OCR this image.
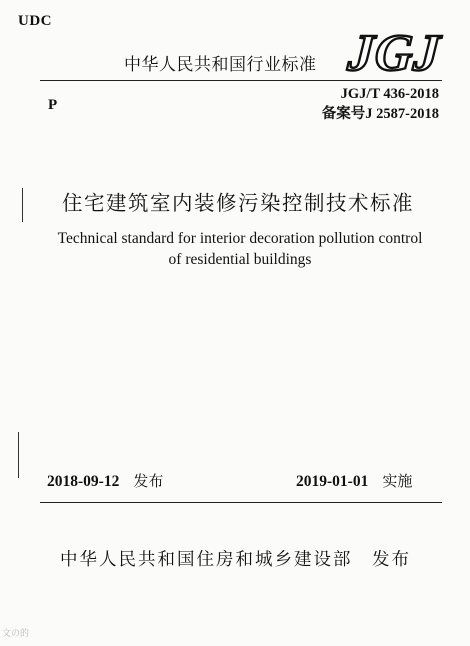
UDC
中华人民共和国行业标准 JGJ
P
JGJ/T 436-2018
备案号J 2587-2018
住宅建筑室内装修污染控制技术标准
Technical standard for interior decoration pollution control
of residential buildings
2018-09-12 发布	2019-01-01 实施
中华人民共和国住房和城乡建设部 发布
文の的
